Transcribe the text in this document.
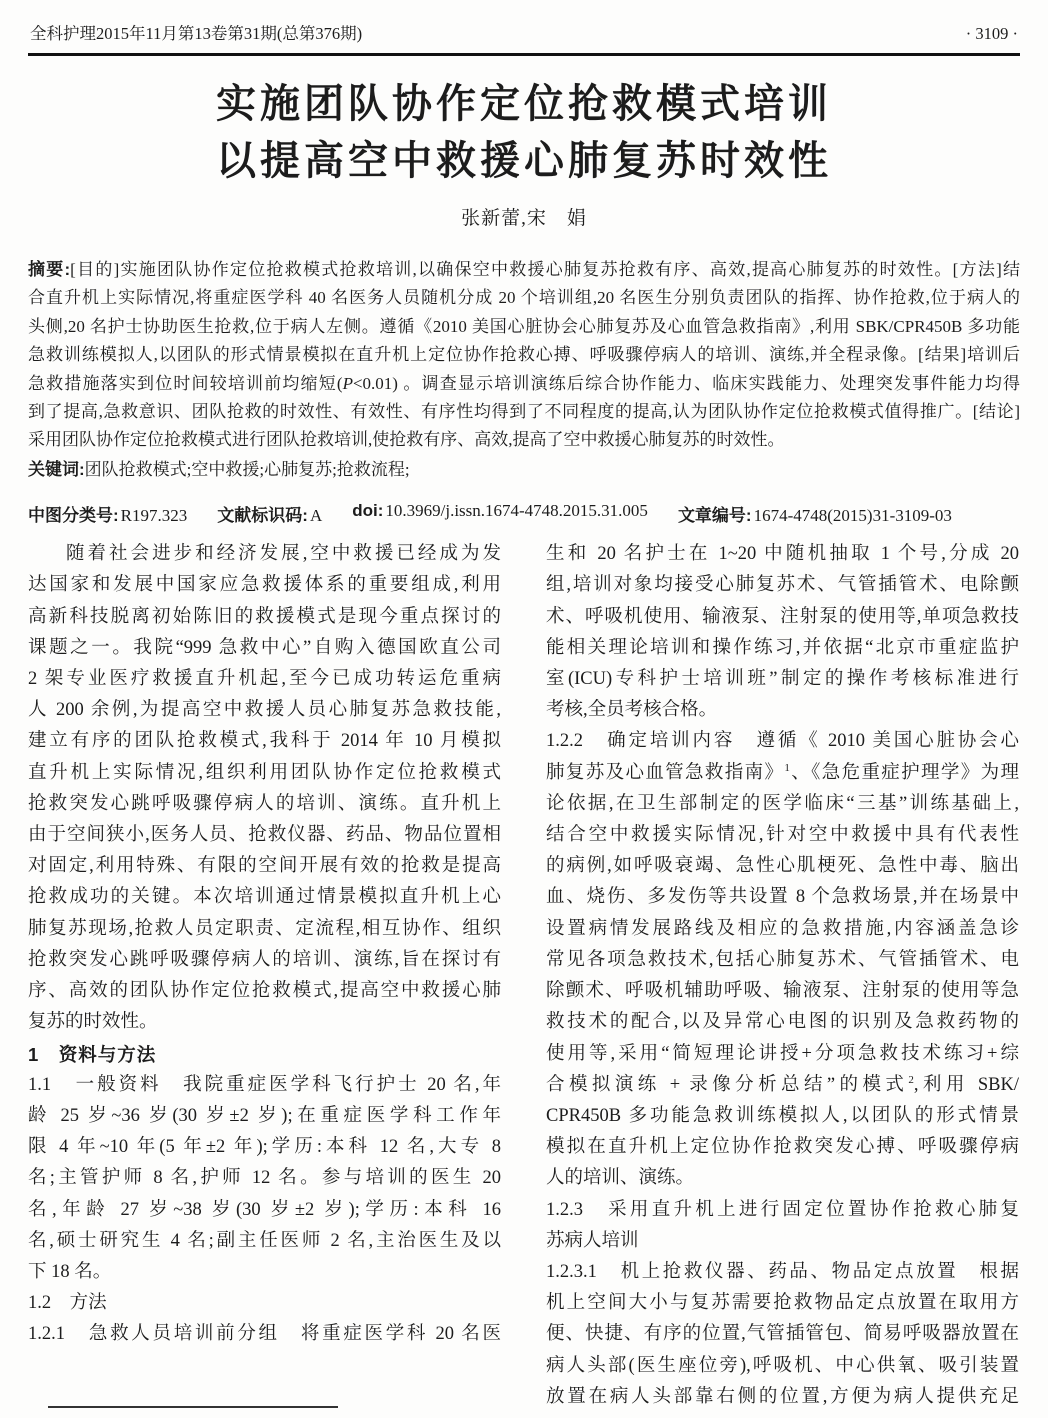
全科护理2015年11月第13卷第31期(总第376期)	· 3109 ·
实施团队协作定位抢救模式培训
以提高空中救援心肺复苏时效性
张新蕾,宋　娟
摘要:[目的]实施团队协作定位抢救模式抢救培训,以确保空中救援心肺复苏抢救有序、高效,提高心肺复苏的时效性。[方法]结
合直升机上实际情况,将重症医学科 40 名医务人员随机分成 20 个培训组,20 名医生分别负责团队的指挥、协作抢救,位于病人的
头侧,20 名护士协助医生抢救,位于病人左侧。遵循《2010 美国心脏协会心肺复苏及心血管急救指南》,利用 SBK/CPR450B 多功能
急救训练模拟人,以团队的形式情景模拟在直升机上定位协作抢救心搏、呼吸骤停病人的培训、演练,并全程录像。[结果]培训后
急救措施落实到位时间较培训前均缩短(P<0.01) 。调查显示培训演练后综合协作能力、临床实践能力、处理突发事件能力均得
到了提高,急救意识、团队抢救的时效性、有效性、有序性均得到了不同程度的提高,认为团队协作定位抢救模式值得推广。[结论]
采用团队协作定位抢救模式进行团队抢救培训,使抢救有序、高效,提高了空中救援心肺复苏的时效性。
关键词:团队抢救模式;空中救援;心肺复苏;抢救流程;
中图分类号: R197.323 文献标识码: A doi: 10.3969/j.issn.1674-4748.2015.31.005 文章编号: 1674-4748(2015)31-3109-03
随着社会进步和经济发展,空中救援已经成为发
达国家和发展中国家应急救援体系的重要组成,利用
高新科技脱离初始陈旧的救援模式是现今重点探讨的
课题之一。我院“999 急救中心”自购入德国欧直公司
2 架专业医疗救援直升机起,至今已成功转运危重病
人 200 余例,为提高空中救援人员心肺复苏急救技能,
建立有序的团队抢救模式,我科于 2014 年 10 月模拟
直升机上实际情况,组织利用团队协作定位抢救模式
抢救突发心跳呼吸骤停病人的培训、演练。直升机上
由于空间狭小,医务人员、抢救仪器、药品、物品位置相
对固定,利用特殊、有限的空间开展有效的抢救是提高
抢救成功的关键。本次培训通过情景模拟直升机上心
肺复苏现场,抢救人员定职责、定流程,相互协作、组织
抢救突发心跳呼吸骤停病人的培训、演练,旨在探讨有
序、高效的团队协作定位抢救模式,提高空中救援心肺
复苏的时效性。
1　资料与方法
1.1　一般资料　我院重症医学科飞行护士 20 名,年
龄 25 岁~36 岁(30 岁±2 岁);在重症医学科工作年
限 4 年~10 年(5 年±2 年);学历:本科 12 名,大专 8
名;主管护师 8 名,护师 12 名。参与培训的医生 20
名,年龄 27 岁~38 岁(30 岁±2 岁);学历:本科 16
名,硕士研究生 4 名;副主任医师 2 名,主治医生及以
下 18 名。
1.2　方法
1.2.1　急救人员培训前分组　将重症医学科 20 名医
生和 20 名护士在 1~20 中随机抽取 1 个号,分成 20
组,培训对象均接受心肺复苏术、气管插管术、电除颤
术、呼吸机使用、输液泵、注射泵的使用等,单项急救技
能相关理论培训和操作练习,并依据“北京市重症监护
室(ICU)专科护士培训班”制定的操作考核标准进行
考核,全员考核合格。
1.2.2　确定培训内容　遵循《 2010 美国心脏协会心
肺复苏及心血管急救指南》$^1$、《急危重症护理学》为理
论依据,在卫生部制定的医学临床“三基”训练基础上,
结合空中救援实际情况,针对空中救援中具有代表性
的病例,如呼吸衰竭、急性心肌梗死、急性中毒、脑出
血、烧伤、多发伤等共设置 8 个急救场景,并在场景中
设置病情发展路线及相应的急救措施,内容涵盖急诊
常见各项急救技术,包括心肺复苏术、气管插管术、电
除颤术、呼吸机辅助呼吸、输液泵、注射泵的使用等急
救技术的配合,以及异常心电图的识别及急救药物的
使用等,采用“简短理论讲授+分项急救技术练习+综
合模拟演练 + 录像分析总结”的模式$^2$,利用 SBK/
CPR450B 多功能急救训练模拟人,以团队的形式情景
模拟在直升机上定位协作抢救突发心搏、呼吸骤停病
人的培训、演练。
1.2.3　采用直升机上进行固定位置协作抢救心肺复
苏病人培训
1.2.3.1　机上抢救仪器、药品、物品定点放置　根据
机上空间大小与复苏需要抢救物品定点放置在取用方
便、快捷、有序的位置,气管插管包、简易呼吸器放置在
病人头部(医生座位旁),呼吸机、中心供氧、吸引装置
放置在病人头部靠右侧的位置,方便为病人提供充足
